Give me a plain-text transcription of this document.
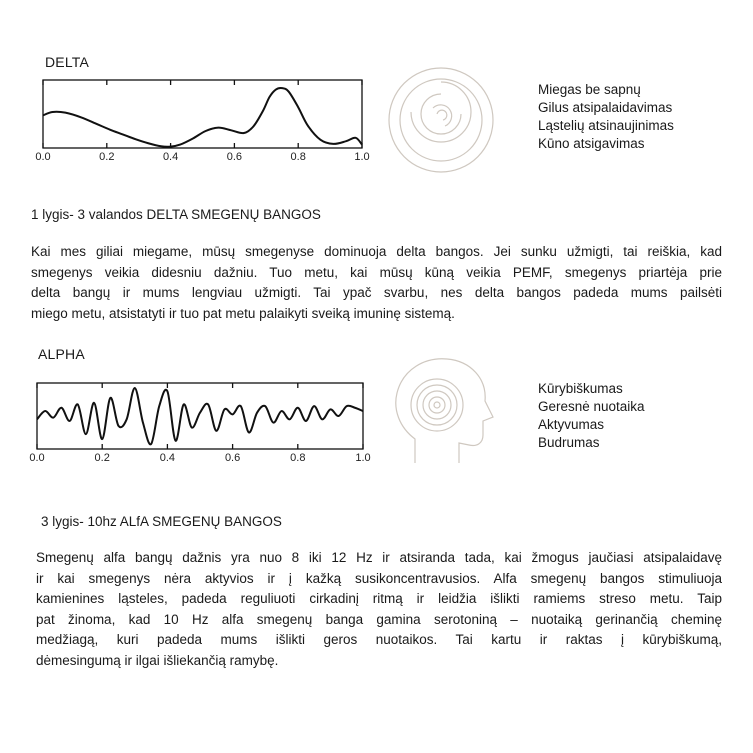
DELTA
0.0	0.2	0.4	0.6	0.8	1.0
Miegas be sapnų
Gilus atsipalaidavimas
Ląstelių atsinaujinimas
Kūno atsigavimas
1 lygis- 3 valandos DELTA SMEGENŲ BANGOS
Kai mes giliai miegame, mūsų smegenyse dominuoja delta bangos. Jei sunku užmigti, tai reiškia, kad
smegenys veikia didesniu dažniu. Tuo metu, kai mūsų kūną veikia PEMF, smegenys priartėja prie
delta bangų ir mums lengviau užmigti. Tai ypač svarbu, nes delta bangos padeda mums pailsėti
miego metu, atsistatyti ir tuo pat metu palaikyti sveiką imuninę sistemą.
ALPHA
0.0	0.2	0.4	0.6	0.8	1.0
Kūrybiškumas
Geresnė nuotaika
Aktyvumas
Budrumas
3 lygis- 10hz ALfA SMEGENŲ BANGOS
Smegenų alfa bangų dažnis yra nuo 8 iki 12 Hz ir atsiranda tada, kai žmogus jaučiasi atsipalaidavę
ir kai smegenys nėra aktyvios ir į kažką susikoncentravusios. Alfa smegenų bangos stimuliuoja
kamienines ląsteles, padeda reguliuoti cirkadinį ritmą ir leidžia išlikti ramiems streso metu. Taip
pat žinoma, kad 10 Hz alfa smegenų banga gamina serotoniną – nuotaiką gerinančią cheminę
medžiagą, kuri padeda mums išlikti geros nuotaikos. Tai kartu ir raktas į kūrybiškumą,
dėmesingumą ir ilgai išliekančią ramybę.
